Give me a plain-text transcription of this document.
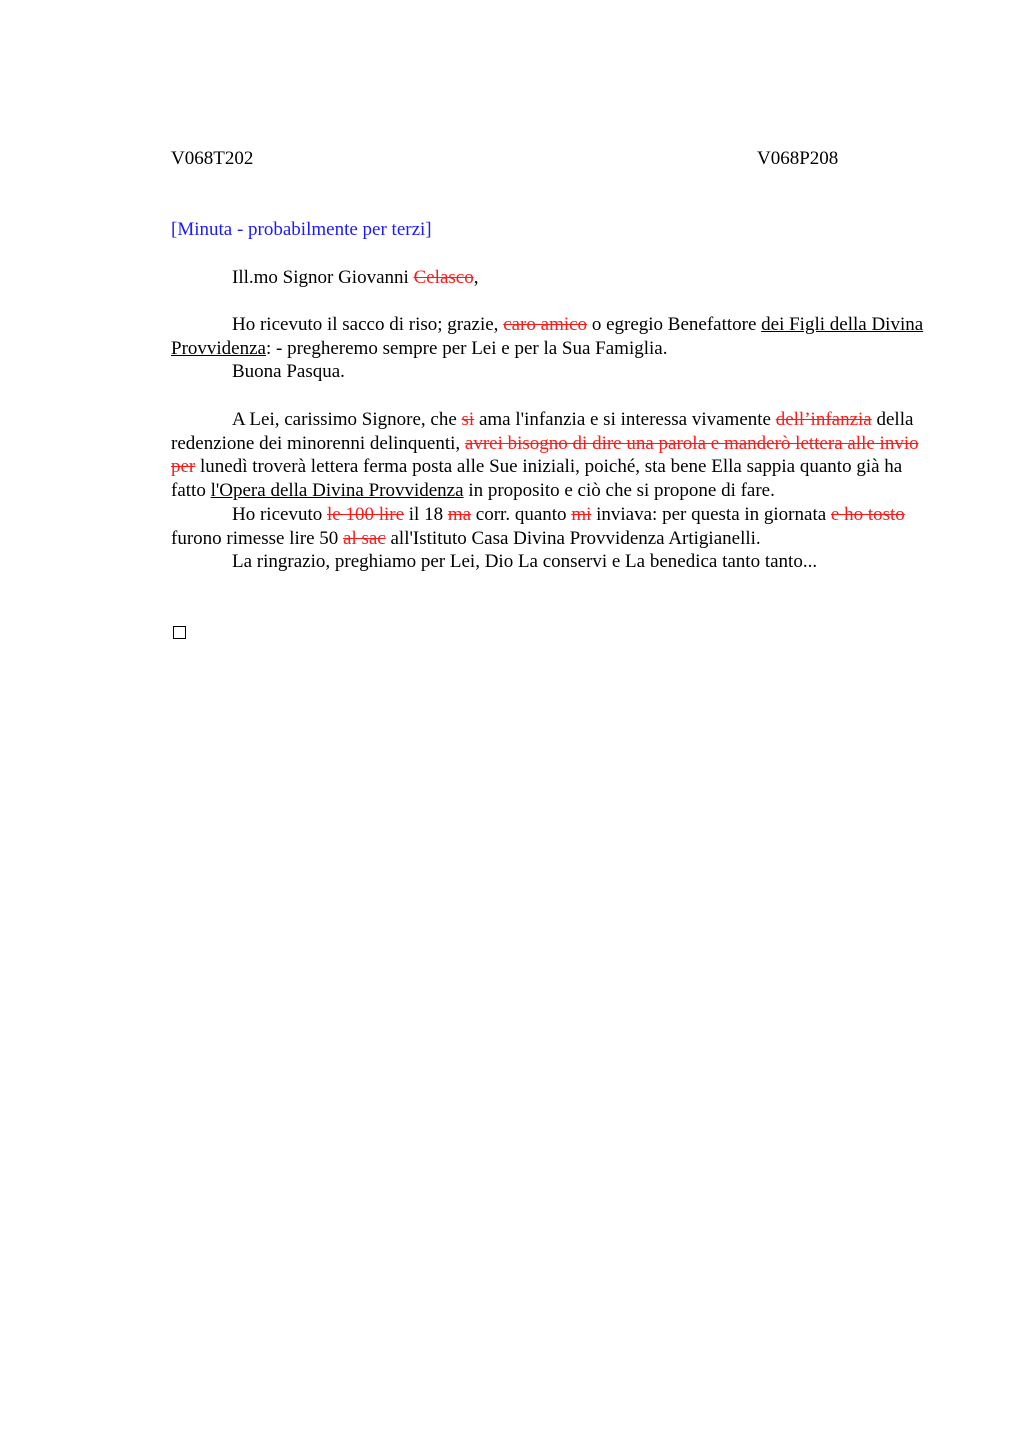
V068T202	V068P208
[Minuta - probabilmente per terzi]

Ill.mo Signor Giovanni Celasco,

Ho ricevuto il sacco di riso; grazie, caro amico o egregio Benefattore dei Figli della Divina Provvidenza: - pregheremo sempre per Lei e per la Sua Famiglia.

Buona Pasqua.

A Lei, carissimo Signore, che si ama l'infanzia e si interessa vivamente dell’infanzia della redenzione dei minorenni delinquenti, avrei bisogno di dire una parola e manderò lettera alle invio per lunedì troverà lettera ferma posta alle Sue iniziali, poiché, sta bene Ella sappia quanto già ha fatto l'Opera della Divina Provvidenza in proposito e ciò che si propone di fare.

Ho ricevuto le 100 lire il 18 ma corr. quanto mi inviava: per questa in giornata e ho tosto furono rimesse lire 50 al sac all'Istituto Casa Divina Provvidenza Artigianelli.

La ringrazio, preghiamo per Lei, Dio La conservi e La benedica tanto tanto...
